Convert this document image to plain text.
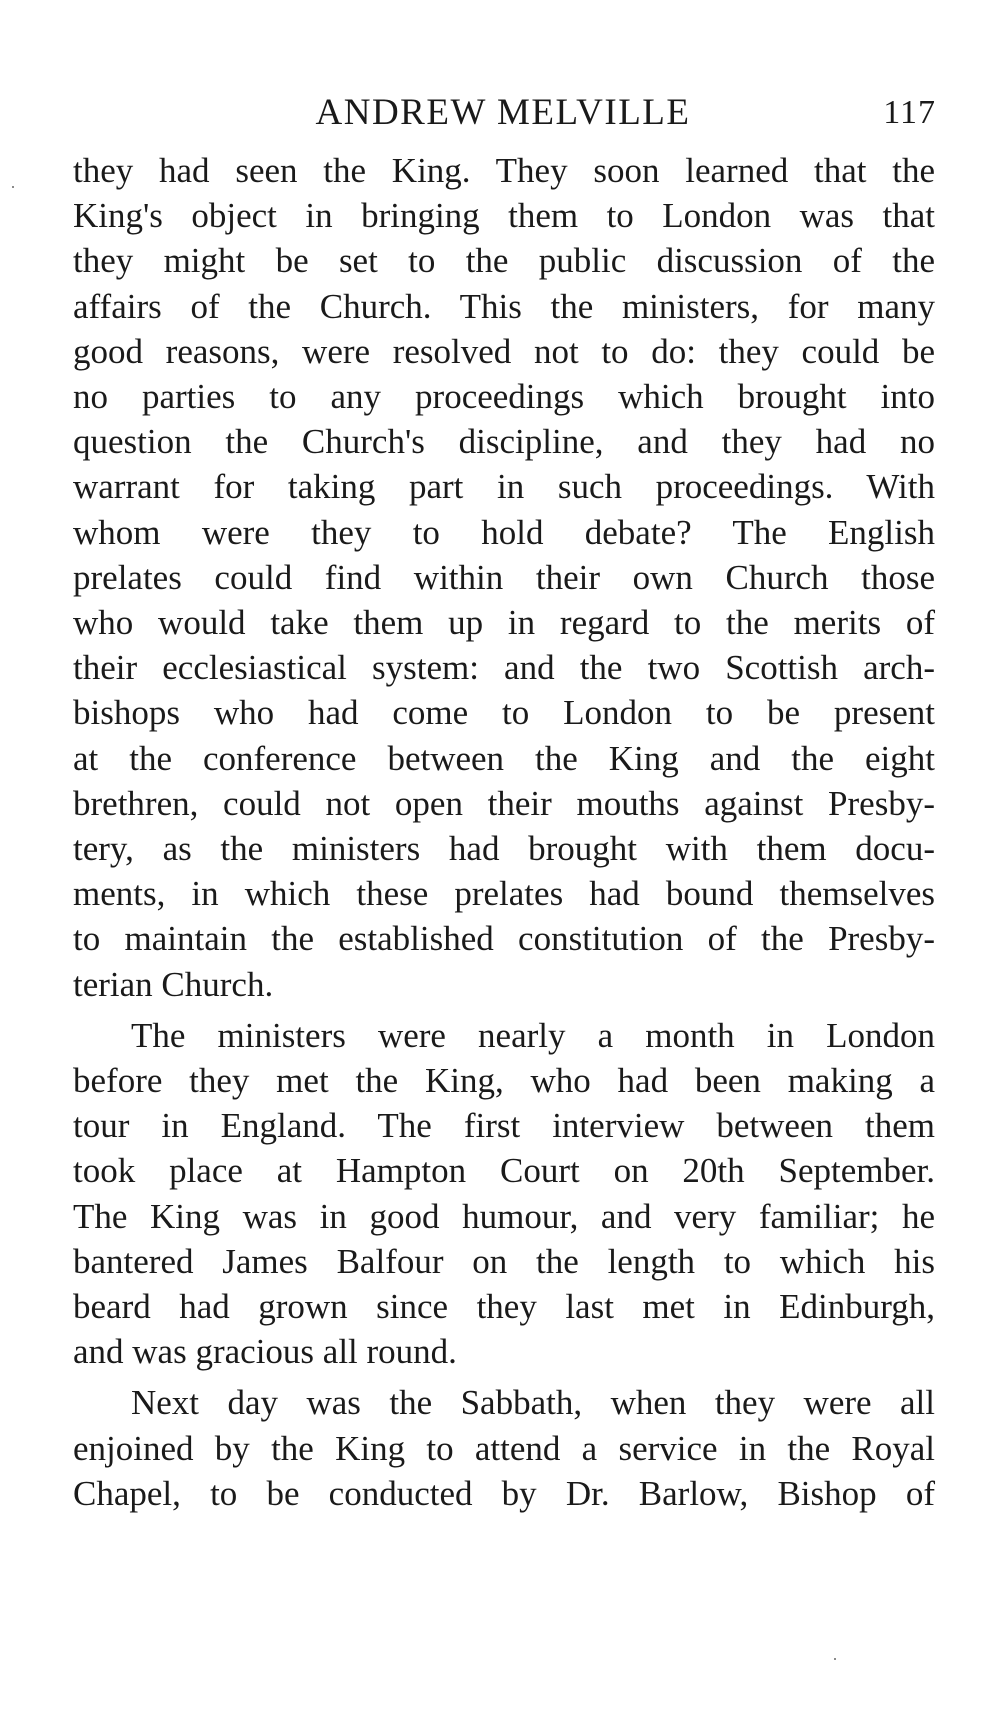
ANDREW MELVILLE	117
they had seen the King. They soon learned that the
King's object in bringing them to London was that
they might be set to the public discussion of the
affairs of the Church. This the ministers, for many
good reasons, were resolved not to do: they could be
no parties to any proceedings which brought into
question the Church's discipline, and they had no
warrant for taking part in such proceedings. With
whom were they to hold debate? The English
prelates could find within their own Church those
who would take them up in regard to the merits of
their ecclesiastical system: and the two Scottish arch-
bishops who had come to London to be present
at the conference between the King and the eight
brethren, could not open their mouths against Presby-
tery, as the ministers had brought with them docu-
ments, in which these prelates had bound themselves
to maintain the established constitution of the Presby-
terian Church.
The ministers were nearly a month in London
before they met the King, who had been making a
tour in England. The first interview between them
took place at Hampton Court on 20th September.
The King was in good humour, and very familiar; he
bantered James Balfour on the length to which his
beard had grown since they last met in Edinburgh,
and was gracious all round.
Next day was the Sabbath, when they were all
enjoined by the King to attend a service in the Royal
Chapel, to be conducted by Dr. Barlow, Bishop of
